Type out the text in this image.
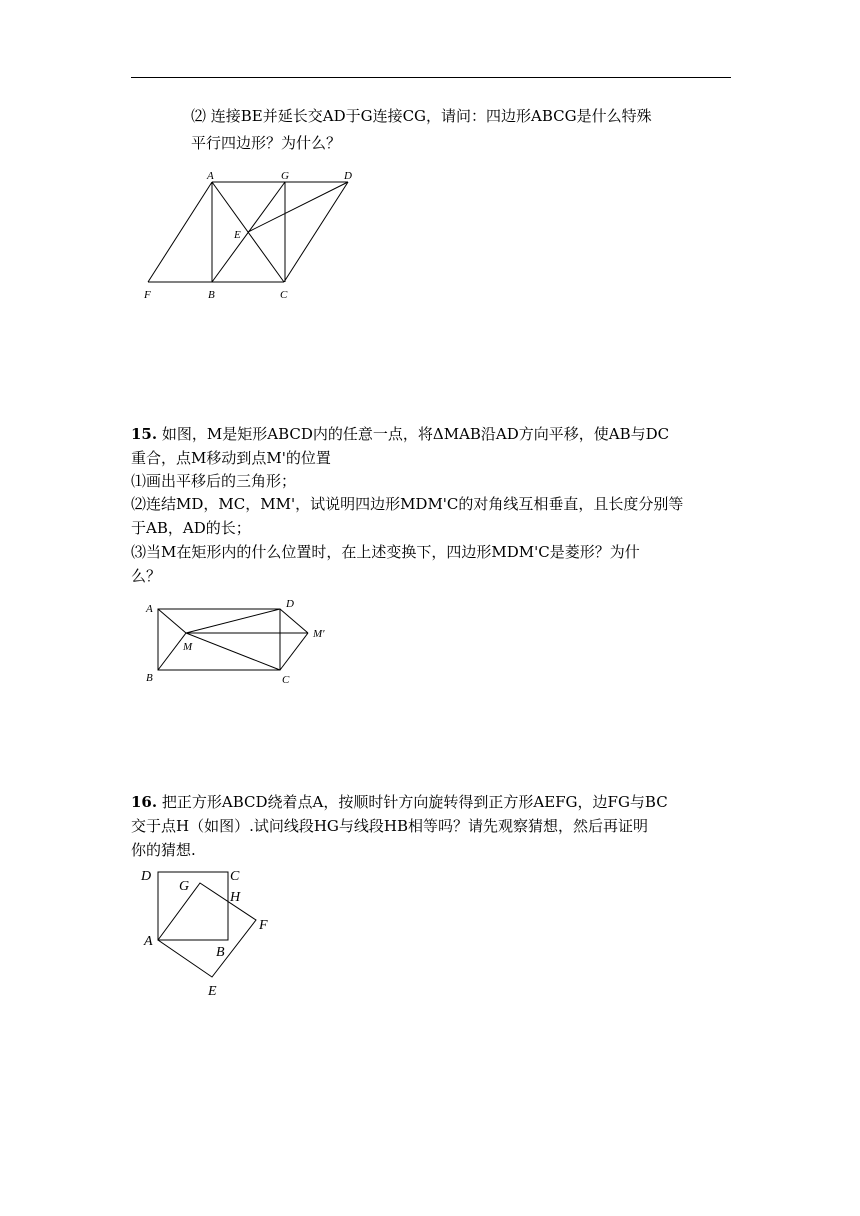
⑵ 连接BE并延长交AD于G连接CG，请问：四边形ABCG是什么特殊
平行四边形？为什么？
A	G	D
E
F	B	C
15. 如图，M是矩形ABCD内的任意一点，将ΔMAB沿AD方向平移，使AB与DC
重合，点M移动到点M'的位置
⑴画出平移后的三角形；
⑵连结MD，MC，MM'，试说明四边形MDM'C的对角线互相垂直，且长度分别等
于AB，AD的长；
⑶当M在矩形内的什么位置时，在上述变换下，四边形MDM'C是菱形？为什
么？
A	D
M
M′
B	C
16. 把正方形ABCD绕着点A，按顺时针方向旋转得到正方形AEFG，边FG与BC
交于点H（如图）.试问线段HG与线段HB相等吗？请先观察猜想，然后再证明
你的猜想.
D	C
G
H
F
A
B
E
